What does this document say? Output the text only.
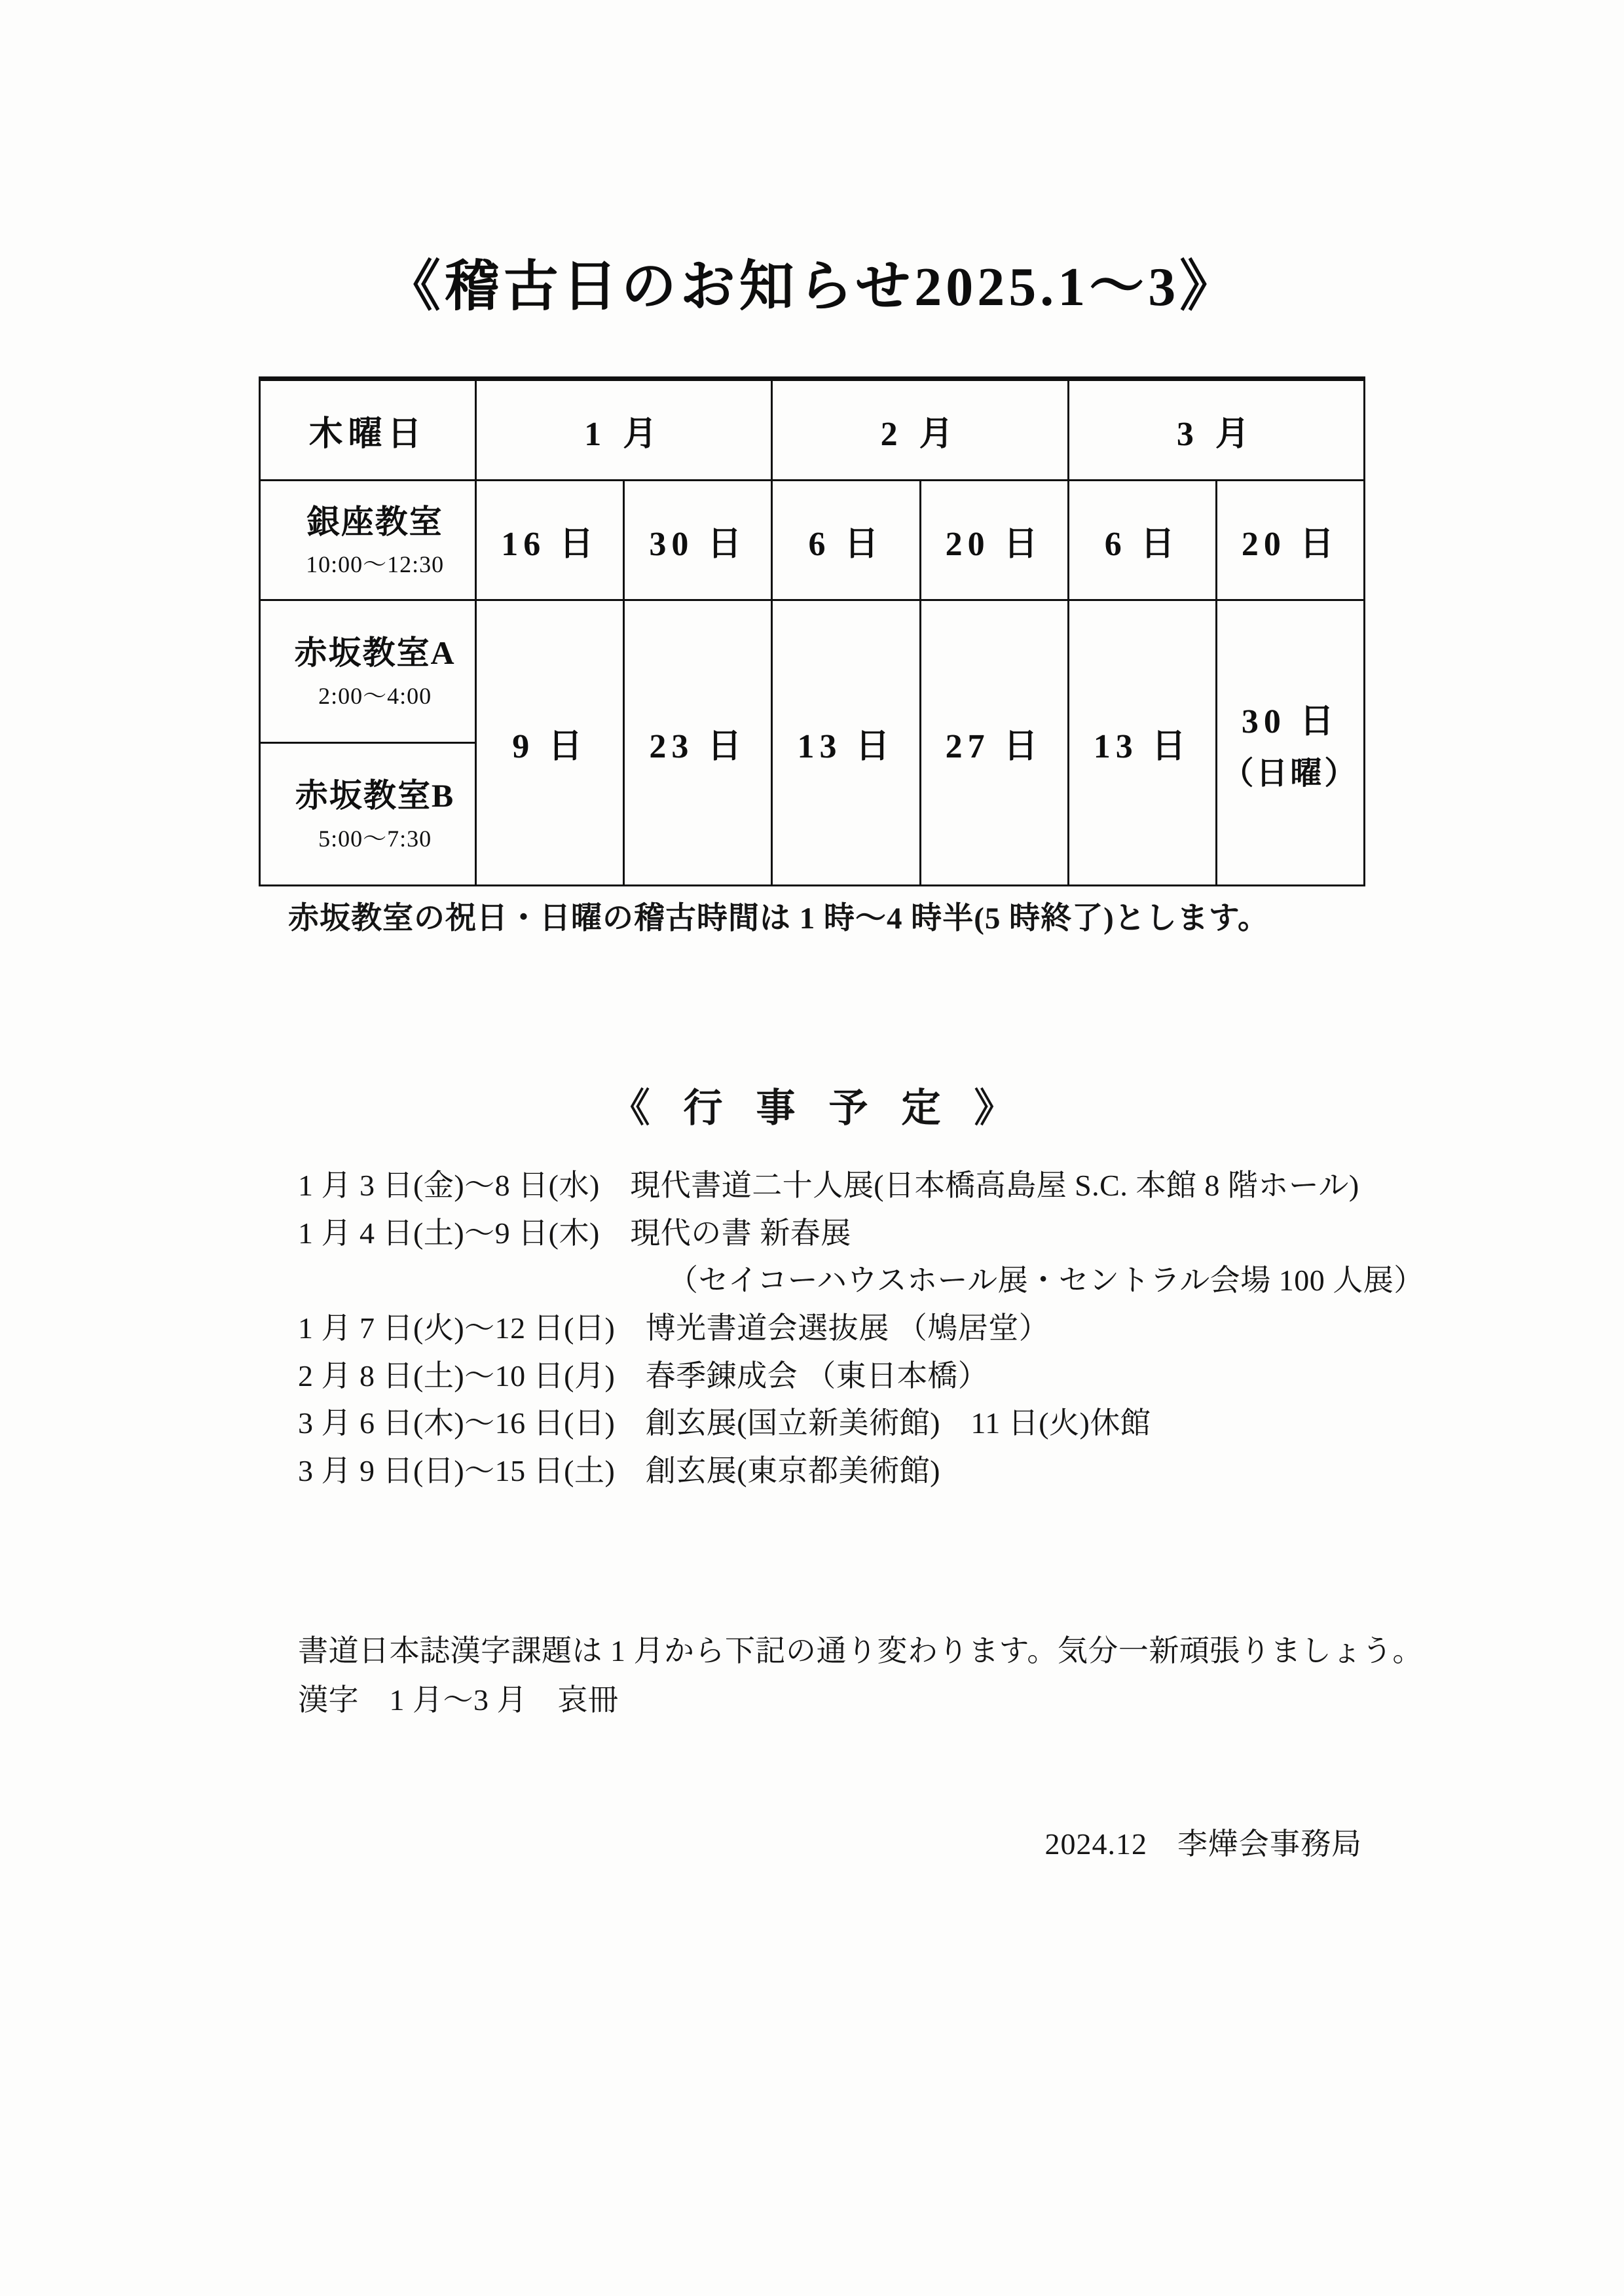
《稽古日のお知らせ2025.1〜3》
木曜日	1 月		2 月		3 月	

銀座教室
10:00〜12:30	16 日	30 日	6 日	20 日	6 日	20 日

赤坂教室A
2:00〜4:00	9 日	23 日	13 日	27 日	13 日	30 日
（日曜）

赤坂教室B
5:00〜7:30						
赤坂教室の祝日・日曜の稽古時間は 1 時〜4 時半(5 時終了)とします。
《 行 事 予 定 》
1 月 3 日(金)〜8 日(水)　現代書道二十人展(日本橋高島屋 S.C. 本館 8 階ホール)
1 月 4 日(土)〜9 日(木)　現代の書 新春展
（セイコーハウスホール展・セントラル会場 100 人展）
1 月 7 日(火)〜12 日(日)　博光書道会選抜展 （鳩居堂）
2 月 8 日(土)〜10 日(月)　春季錬成会 （東日本橋）
3 月 6 日(木)〜16 日(日)　創玄展(国立新美術館)　11 日(火)休館
3 月 9 日(日)〜15 日(土)　創玄展(東京都美術館)
書道日本誌漢字課題は 1 月から下記の通り変わります。気分一新頑張りましょう。
漢字　1 月〜3 月　哀冊
2024.12 李燁会事務局
